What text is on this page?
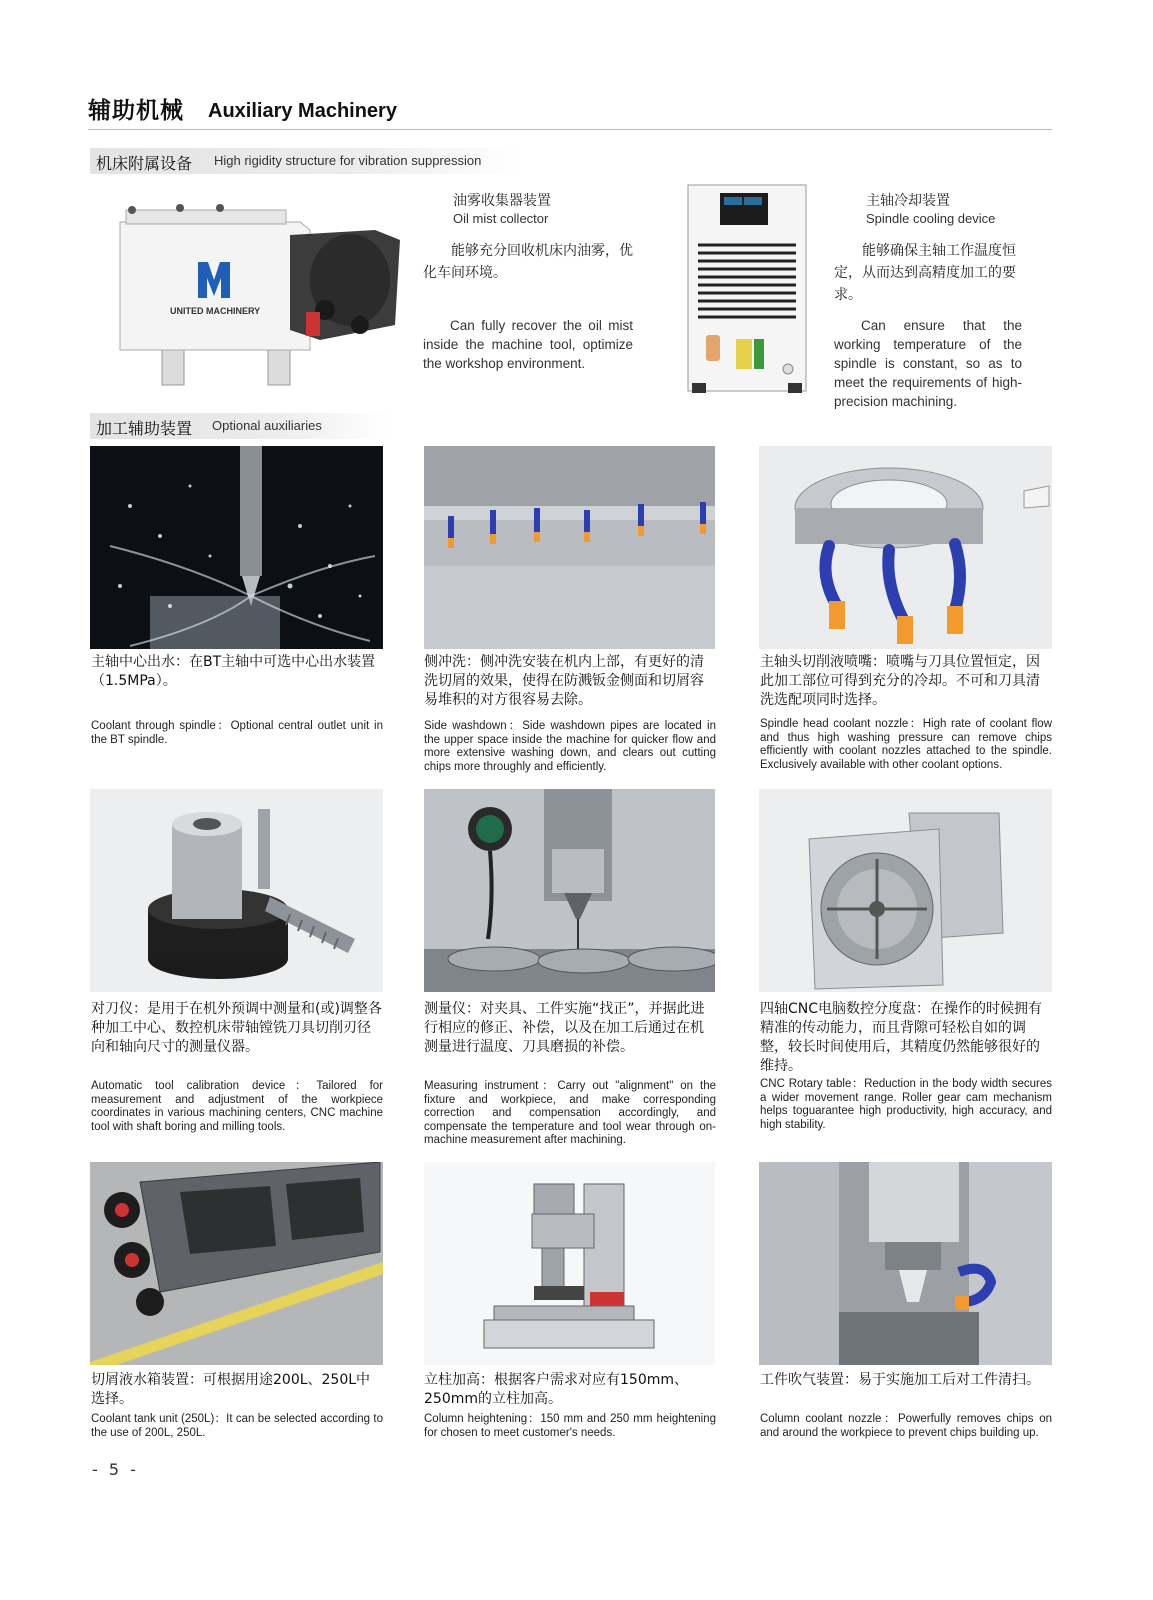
辅助机械 Auxiliary Machinery
机床附属设备 High rigidity structure for vibration suppression
UNITED MACHINERY
油雾收集器装置
Oil mist collector
能够充分回收机床内油雾，优化车间环境。
Can fully recover the oil mist inside the machine tool, optimize the workshop environment.
主轴冷却装置
Spindle cooling device
能够确保主轴工作温度恒定，从而达到高精度加工的要求。
Can ensure that the working temperature of the spindle is constant, so as to meet the requirements of high-precision machining.
加工辅助装置 Optional auxiliaries
主轴中心出水：在BT主轴中可选中心出水装置（1.5MPa）。
Coolant through spindle：Optional central outlet unit in the BT spindle.
侧冲洗：侧冲洗安装在机内上部，有更好的清洗切屑的效果，使得在防溅钣金侧面和切屑容易堆积的对方很容易去除。
Side washdown：Side washdown pipes are located in the upper space inside the machine for quicker flow and more extensive washing down, and clears out cutting chips more throughly and efficiently.
主轴头切削液喷嘴：喷嘴与刀具位置恒定，因此加工部位可得到充分的冷却。不可和刀具清洗选配项同时选择。
Spindle head coolant nozzle：High rate of coolant flow and thus high washing pressure can remove chips efficiently with coolant nozzles attached to the spindle. Exclusively available with other coolant options.
对刀仪：是用于在机外预调中测量和(或)调整各种加工中心、数控机床带轴镗铣刀具切削刃径向和轴向尺寸的测量仪器。
Automatic tool calibration device：Tailored for measurement and adjustment of the workpiece coordinates in various machining centers, CNC machine tool with shaft boring and milling tools.
测量仪：对夹具、工件实施“找正”，并据此进行相应的修正、补偿，以及在加工后通过在机测量进行温度、刀具磨损的补偿。
Measuring instrument：Carry out "alignment" on the fixture and workpiece, and make corresponding correction and compensation accordingly, and compensate the temperature and tool wear through on-machine measurement after machining.
四轴CNC电脑数控分度盘：在操作的时候拥有精准的传动能力，而且背隙可轻松自如的调整，较长时间使用后，其精度仍然能够很好的维持。
CNC Rotary table：Reduction in the body width secures a wider movement range. Roller gear cam mechanism helps toguarantee high productivity, high accuracy, and high stability.
切屑液水箱装置：可根据用途200L、250L中选择。
Coolant tank unit (250L)：It can be selected according to the use of 200L, 250L.
立柱加高：根据客户需求对应有150mm、250mm的立柱加高。
Column heightening：150 mm and 250 mm heightening for chosen to meet customer's needs.
工件吹气装置：易于实施加工后对工件清扫。
Column coolant nozzle：Powerfully removes chips on and around the workpiece to prevent chips building up.
- 5 -
